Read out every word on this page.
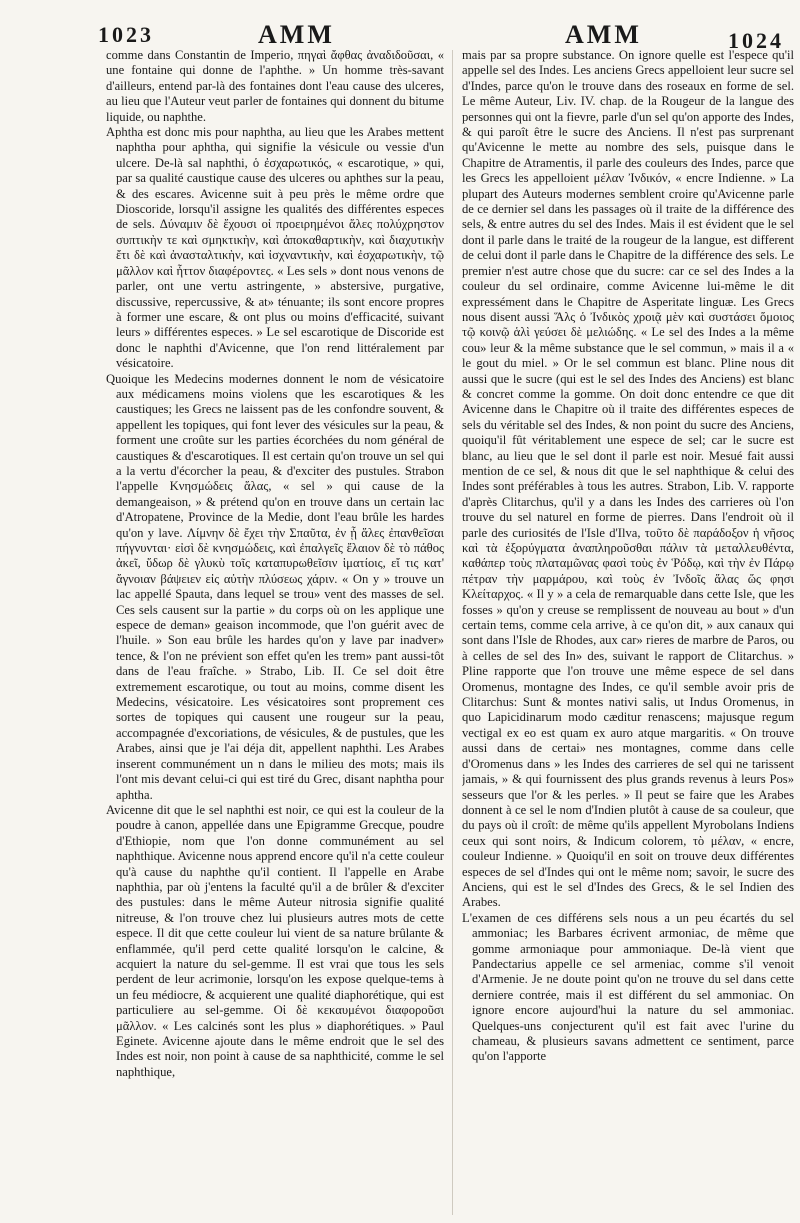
1023	AMM	AMM	1024

comme dans Constantin de Imperio, πηγαὶ ἄφθας ἀναδιδοῦσαι, « une fontaine qui donne de l'aphthe. » Un homme très-savant d'ailleurs, entend par-là des fontaines dont l'eau cause des ulceres, au lieu que l'Auteur veut parler de fontaines qui donnent du bitume liquide, ou naphthe.

Aphtha est donc mis pour naphtha, au lieu que les Arabes mettent naphtha pour aphtha, qui signifie la vésicule ou vessie d'un ulcere. De-là sal naphthi, ὁ ἐσχαρωτικός, « escarotique, » qui, par sa qualité caustique cause des ulceres ou aphthes sur la peau, & des escares. Avicenne suit à peu près le même ordre que Dioscoride, lorsqu'il assigne les qualités des différentes especes de sels. Δύναμιν δὲ ἔχουσι οἱ προειρημένοι ἅλες πολύχρηστον συπτικὴν τε καὶ σμηκτικὴν, καὶ ἀποκαθαρτικὴν, καὶ διαχυτικὴν ἔτι δὲ καὶ ἀνασταλτικὴν, καὶ ἰσχναντικὴν, καὶ ἐσχαρωτικὴν, τῷ μᾶλλον καὶ ἧττον διαφέροντες. « Les sels » dont nous venons de parler, ont une vertu astringente, » abstersive, purgative, discussive, repercussive, & at» ténuante; ils sont encore propres à former une escare, & ont plus ou moins d'efficacité, suivant leurs » différentes especes. » Le sel escarotique de Discoride est donc le naphthi d'Avicenne, que l'on rend littéralement par vésicatoire.

Quoique les Medecins modernes donnent le nom de vésicatoire aux médicamens moins violens que les escarotiques & les caustiques; les Grecs ne laissent pas de les confondre souvent, & appellent les topiques, qui font lever des vésicules sur la peau, & forment une croûte sur les parties écorchées du nom général de caustiques & d'escarotiques. Il est certain qu'on trouve un sel qui a la vertu d'écorcher la peau, & d'exciter des pustules. Strabon l'appelle Κνησμώδεις ἅλας, « sel » qui cause de la demangeaison, » & prétend qu'on en trouve dans un certain lac d'Atropatene, Province de la Medie, dont l'eau brûle les hardes qu'on y lave. Λίμνην δὲ ἔχει τὴν Σπαῦτα, ἐν ᾗ ἅλες ἐπανθεῖσαι πήγνυνται· εἰσὶ δὲ κνησμώδεις, καὶ ἐπαλγεῖς ἔλαιον δὲ τὸ πάθος ἀκεῖ, ὕδωρ δὲ γλυκὺ τοῖς καταπυρωθεῖσιν ἱματίοις, εἴ τις κατ' ἄγνοιαν βάψειεν εἰς αὐτὴν πλύσεως χάριν. « On y » trouve un lac appellé Spauta, dans lequel se trou» vent des masses de sel. Ces sels causent sur la partie » du corps où on les applique une espece de deman» geaison incommode, que l'on guérit avec de l'huile. » Son eau brûle les hardes qu'on y lave par inadver» tence, & l'on ne prévient son effet qu'en les trem» pant aussi-tôt dans de l'eau fraîche. » Strabo, Lib. II. Ce sel doit être extremement escarotique, ou tout au moins, comme disent les Medecins, vésicatoire. Les vésicatoires sont proprement ces sortes de topiques qui causent une rougeur sur la peau, accompagnée d'excoriations, de vésicules, & de pustules, que les Arabes, ainsi que je l'ai déja dit, appellent naphthi. Les Arabes inserent communément un n dans le milieu des mots; mais ils l'ont mis devant celui-ci qui est tiré du Grec, disant naphtha pour aphtha.

Avicenne dit que le sel naphthi est noir, ce qui est la couleur de la poudre à canon, appellée dans une Epigramme Grecque, poudre d'Ethiopie, nom que l'on donne communément au sel naphthique. Avicenne nous apprend encore qu'il n'a cette couleur qu'à cause du naphthe qu'il contient. Il l'appelle en Arabe naphthia, par où j'entens la faculté qu'il a de brûler & d'exciter des pustules: dans le même Auteur nitrosia signifie qualité nitreuse, & l'on trouve chez lui plusieurs autres mots de cette espece. Il dit que cette couleur lui vient de sa nature brûlante & enflammée, qu'il perd cette qualité lorsqu'on le calcine, & acquiert la nature du sel-gemme. Il est vrai que tous les sels perdent de leur acrimonie, lorsqu'on les expose quelque-tems à un feu médiocre, & acquierent une qualité diaphorétique, qui est particuliere au sel-gemme. Οἱ δὲ κεκαυμένοι διαφοροῦσι μᾶλλον. « Les calcinés sont les plus » diaphorétiques. » Paul Eginete. Avicenne ajoute dans le même endroit que le sel des Indes est noir, non point à cause de sa naphthicité, comme le sel naphthique,

mais par sa propre substance. On ignore quelle est l'espece qu'il appelle sel des Indes. Les anciens Grecs appelloient leur sucre sel d'Indes, parce qu'on le trouve dans des roseaux en forme de sel. Le même Auteur, Liv. IV. chap. de la Rougeur de la langue des personnes qui ont la fievre, parle d'un sel qu'on apporte des Indes, & qui paroît être le sucre des Anciens. Il n'est pas surprenant qu'Avicenne le mette au nombre des sels, puisque dans le Chapitre de Atramentis, il parle des couleurs des Indes, parce que les Grecs les appelloient μέλαν Ἰνδικόν, « encre Indienne. » La plupart des Auteurs modernes semblent croire qu'Avicenne parle de ce dernier sel dans les passages où il traite de la différence des sels, & entre autres du sel des Indes. Mais il est évident que le sel dont il parle dans le traité de la rougeur de la langue, est different de celui dont il parle dans le Chapitre de la différence des sels. Le premier n'est autre chose que du sucre: car ce sel des Indes a la couleur du sel ordinaire, comme Avicenne lui-même le dit expressément dans le Chapitre de Asperitate linguæ. Les Grecs nous disent aussi Ἅλς ὁ Ἰνδικὸς χροιᾷ μὲν καὶ συστάσει ὅμοιος τῷ κοινῷ ἁλὶ γεύσει δὲ μελιώδης. « Le sel des Indes a la même cou» leur & la même substance que le sel commun, » mais il a « le gout du miel. » Or le sel commun est blanc. Pline nous dit aussi que le sucre (qui est le sel des Indes des Anciens) est blanc & concret comme la gomme. On doit donc entendre ce que dit Avicenne dans le Chapitre où il traite des différentes especes de sels du véritable sel des Indes, & non point du sucre des Anciens, quoiqu'il fût véritablement une espece de sel; car le sucre est blanc, au lieu que le sel dont il parle est noir. Mesué fait aussi mention de ce sel, & nous dit que le sel naphthique & celui des Indes sont préférables à tous les autres. Strabon, Lib. V. rapporte d'après Clitarchus, qu'il y a dans les Indes des carrieres où l'on trouve du sel naturel en forme de pierres. Dans l'endroit où il parle des curiosités de l'Isle d'Ilva, τοῦτο δὲ παράδοξον ἡ νῆσος καὶ τὰ ἐξορύγματα ἀναπληροῦσθαι πάλιν τὰ μεταλλευθέντα, καθάπερ τοὺς πλαταμῶνας φασὶ τοὺς ἐν Ῥόδῳ, καὶ τὴν ἐν Πάρῳ πέτραν τὴν μαρμάρου, καὶ τοὺς ἐν Ἰνδοῖς ἅλας ὥς φησι Κλείταρχος. « Il y » a cela de remarquable dans cette Isle, que les fosses » qu'on y creuse se remplissent de nouveau au bout » d'un certain tems, comme cela arrive, à ce qu'on dit, » aux canaux qui sont dans l'Isle de Rhodes, aux car» rieres de marbre de Paros, ou à celles de sel des In» des, suivant le rapport de Clitarchus. » Pline rapporte que l'on trouve une même espece de sel dans Oromenus, montagne des Indes, ce qu'il semble avoir pris de Clitarchus: Sunt & montes nativi salis, ut Indus Oromenus, in quo Lapicidinarum modo cæditur renascens; majusque regum vectigal ex eo est quam ex auro atque margaritis. « On trouve aussi dans de certai» nes montagnes, comme dans celle d'Oromenus dans » les Indes des carrieres de sel qui ne tarissent jamais, » & qui fournissent des plus grands revenus à leurs Pos» sesseurs que l'or & les perles. » Il peut se faire que les Arabes donnent à ce sel le nom d'Indien plutôt à cause de sa couleur, que du pays où il croît: de même qu'ils appellent Myrobolans Indiens ceux qui sont noirs, & Indicum colorem, τὸ μέλαν, « encre, couleur Indienne. » Quoiqu'il en soit on trouve deux différentes especes de sel d'Indes qui ont le même nom; savoir, le sucre des Anciens, qui est le sel d'Indes des Grecs, & le sel Indien des Arabes.

L'examen de ces différens sels nous a un peu écartés du sel ammoniac; les Barbares écrivent armoniac, de même que gomme armoniaque pour ammoniaque. De-là vient que Pandectarius appelle ce sel armeniac, comme s'il venoit d'Armenie. Je ne doute point qu'on ne trouve du sel dans cette derniere contrée, mais il est différent du sel ammoniac. On ignore encore aujourd'hui la nature du sel ammoniac. Quelques-uns conjecturent qu'il est fait avec l'urine du chameau, & plusieurs savans admettent ce sentiment, parce qu'on l'apporte
